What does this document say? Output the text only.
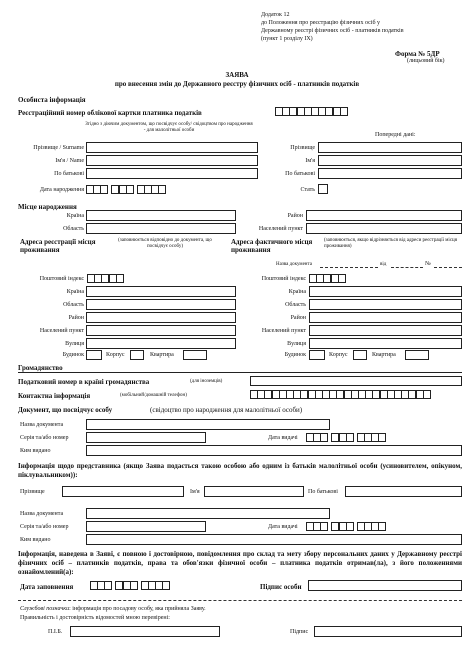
Додаток 12
до Положення про реєстрацію фізичних осіб у
Державному реєстрі фізичних осіб - платників податків
(пункт 1 розділу IX)
Форма № 5ДР
(лицьовий бік)
ЗАЯВА
про внесення змін до Державного реєстру фізичних осіб - платників податків
Особиста інформація
Реєстраційний номер облікової картки платника податків
Згідно з діючим документом, що посвідчує особу/ свідоцтвом про народження - для малолітньої особи
Попередні дані:
Прізвище / Surname	Прізвище
Ім'я / Name	Ім'я
По батькові	По батькові
Дата народження	Стать
Місце народження
Країна	Район
Область	Населений пункт
Адреса реєстрації місця проживання
(заповнюється відповідно до документа, що посвідчує особу)
Адреса фактичного місця проживання
(заповнюється, якщо відрізняється від адреси реєстрації місця проживання)
Назва документа	від	№
Поштовий індекс
Країна
Область
Район
Населений пункт
Вулиця
Будинок	Корпус	Квартира
Поштовий індекс
Країна
Область
Район
Населений пункт
Вулиця
Будинок	Корпус	Квартира
Громадянство
Податковий номер в країні громадянства	(для іноземців)
Контактна інформація	(мобільний/домашній телефон)
Документ, що посвідчує особу	(свідоцтво про народження для малолітньої особи)
Назва документа
Серія та/або номер	Дата видачі
Ким видано
Інформація щодо представника (якщо Заява подається такою особою або одним із батьків малолітньої особи (усиновителем, опікуном, піклувальником)):
Прізвище	Ім'я	По батькові
Назва документа
Серія та/або номер	Дата видачі
Ким видано
Інформація, наведена в Заяві, є повною і достовірною, повідомлення про склад та мету збору персональних даних у Державному реєстрі фізичних осіб – платників податків, права та обов'язки фізичної особи – платника податків отримав(ла), з його положеннями ознайомлений(а):
Дата заповнення	Підпис особи
Службові позначки: інформація про посадову особу, яка прийняла Заяву.
Правильність і достовірність відомостей мною перевірені:
П.І.Б.	Підпис
